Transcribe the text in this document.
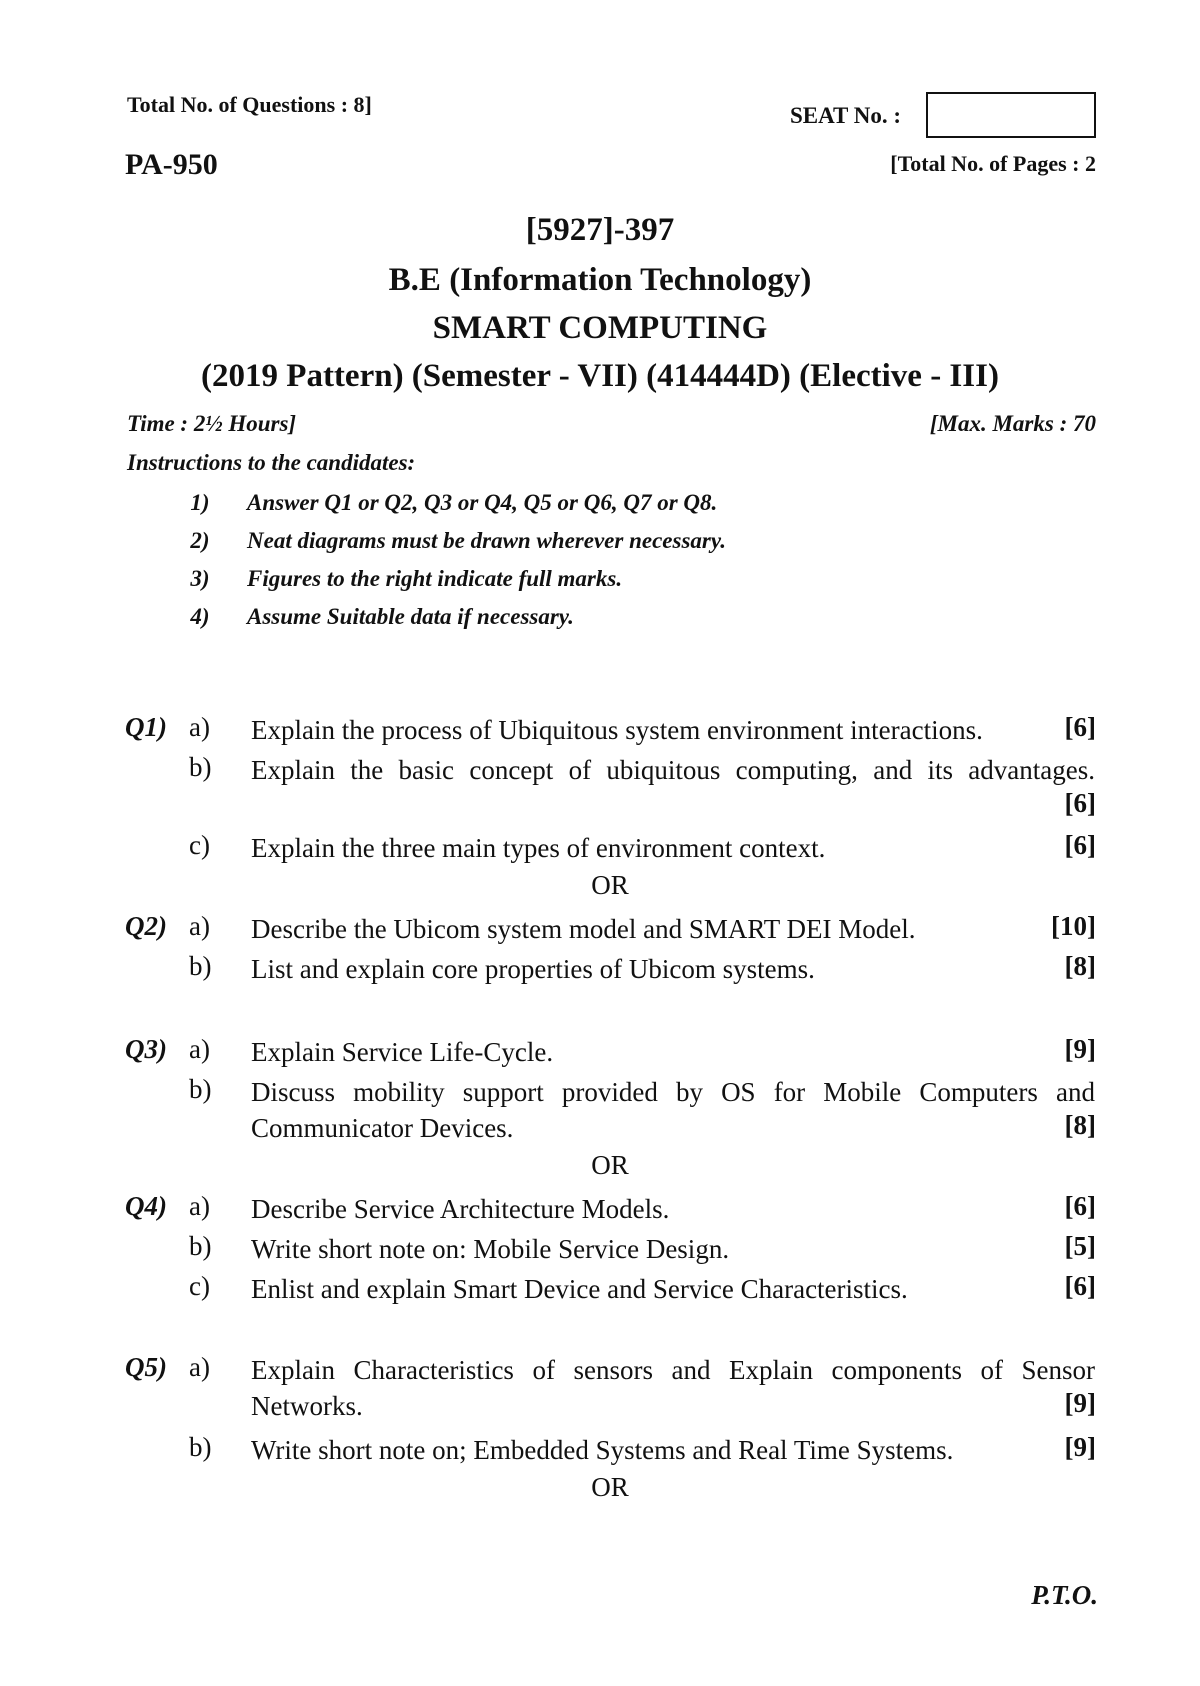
Total No. of Questions : 8]	SEAT No. :
PA-950	[Total No. of Pages : 2
[5927]-397
B.E (Information Technology)
SMART COMPUTING
(2019 Pattern) (Semester - VII) (414444D) (Elective - III)
Time : 2½ Hours]	[Max. Marks : 70
Instructions to the candidates:
1) Answer Q1 or Q2, Q3 or Q4, Q5 or Q6, Q7 or Q8.
2) Neat diagrams must be drawn wherever necessary.
3) Figures to the right indicate full marks.
4) Assume Suitable data if necessary.
Q1) a) Explain the process of Ubiquitous system environment interactions.	[6]
b) Explain the basic concept of ubiquitous computing, and its advantages.
[6]
c) Explain the three main types of environment context.	[6]
OR
Q2) a) Describe the Ubicom system model and SMART DEI Model.	[10]
b) List and explain core properties of Ubicom systems.	[8]
Q3) a) Explain Service Life-Cycle.	[9]
b) Discuss mobility support provided by OS for Mobile Computers and Communicator Devices.	[8]
OR
Q4) a) Describe Service Architecture Models.	[6]
b) Write short note on: Mobile Service Design.	[5]
c) Enlist and explain Smart Device and Service Characteristics.	[6]
Q5) a) Explain Characteristics of sensors and Explain components of Sensor Networks.	[9]
b) Write short note on; Embedded Systems and Real Time Systems.	[9]
OR
P.T.O.
